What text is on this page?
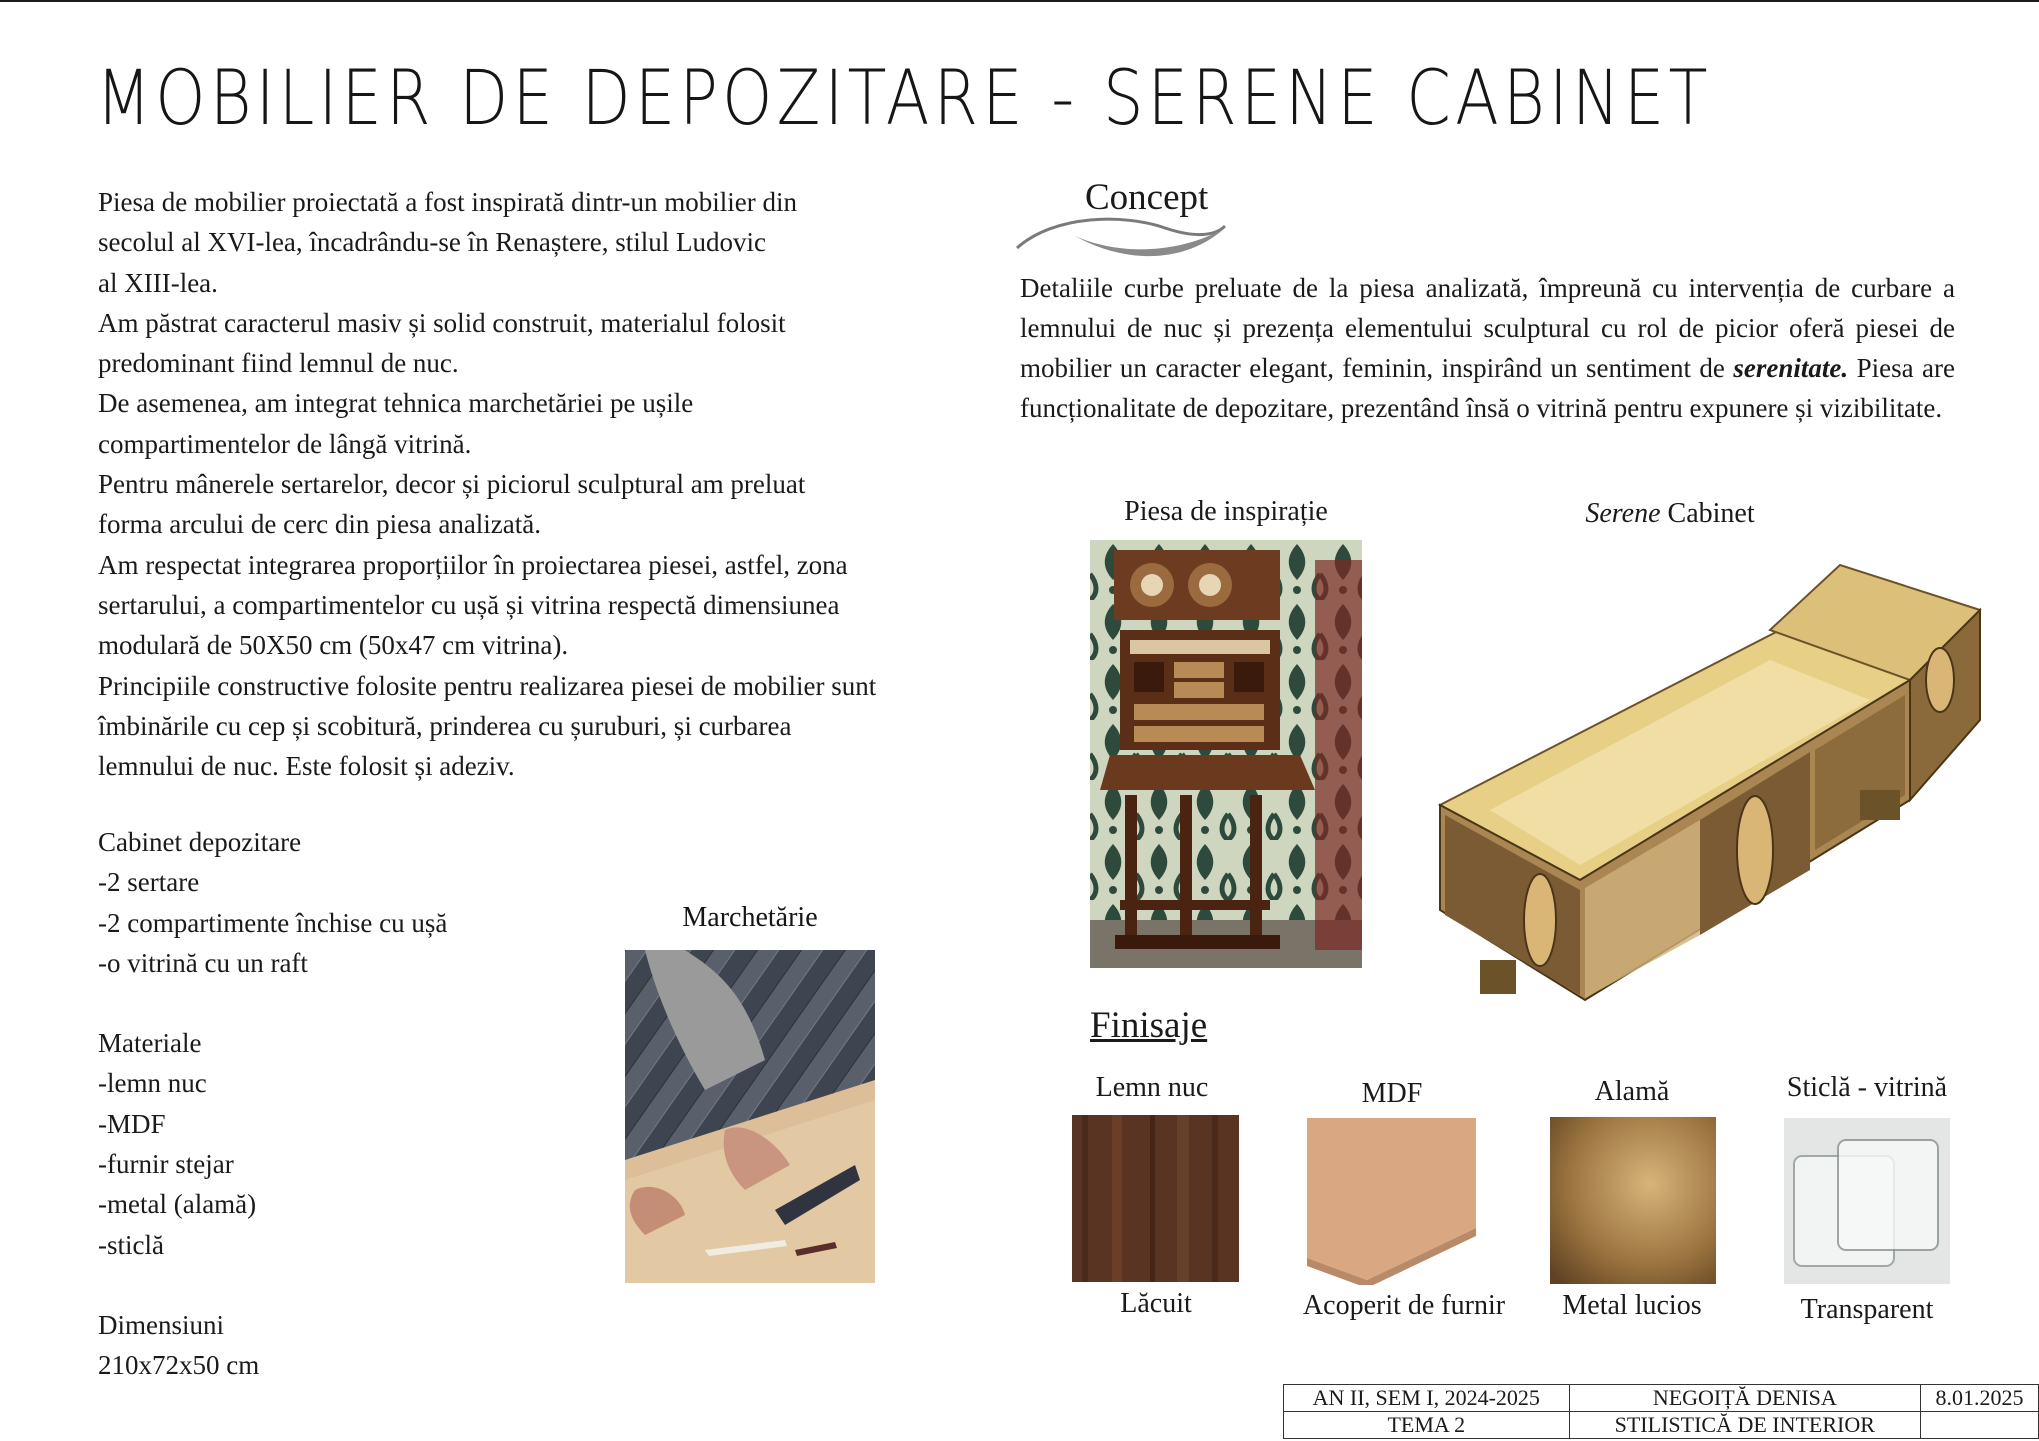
MOBILIER DE DEPOZITARE - SERENE CABINET

Piesa de mobilier proiectată a fost inspirată dintr-un mobilier din

secolul al XVI-lea, încadrându-se în Renaștere, stilul Ludovic

al XIII-lea.

Am păstrat caracterul masiv și solid construit, materialul folosit

predominant fiind lemnul de nuc.

De asemenea, am integrat tehnica marchetăriei pe ușile

compartimentelor de lângă vitrină.

Pentru mânerele sertarelor, decor și piciorul sculptural am preluat

forma arcului de cerc din piesa analizată.

Am respectat integrarea proporțiilor în proiectarea piesei, astfel, zona

sertarului, a compartimentelor cu ușă și vitrina respectă dimensiunea

modulară de 50X50 cm (50x47 cm vitrina).

Principiile constructive folosite pentru realizarea piesei de mobilier sunt

îmbinările cu cep și scobitură, prinderea cu șuruburi, și curbarea

lemnului de nuc. Este folosit și adeziv.

Cabinet depozitare
-2 sertare
-2 compartimente închise cu ușă
-o vitrină cu un raft
Materiale
-lemn nuc
-MDF
-furnir stejar
-metal (alamă)
-sticlă
Dimensiuni
210x72x50 cm
Marchetărie
Concept

Detaliile curbe preluate de la piesa analizată, împreună cu intervenția de curbare a lemnului de nuc și prezența elementului sculptural cu rol de picior oferă piesei de mobilier un caracter elegant, feminin, inspirând un sentiment de serenitate. Piesa are funcționalitate de depozitare, prezentând însă o vitrină pentru expunere și vizibilitate.

Piesa de inspirație	Serene Cabinet
Finisaje
Lemn nuc	MDF	Alamă	Sticlă - vitrină
Lăcuit	Acoperit de furnir	Metal lucios	Transparent
AN II, SEM I, 2024-2025	NEGOIȚĂ DENISA	8.01.2025
TEMA 2	STILISTICĂ DE INTERIOR	
